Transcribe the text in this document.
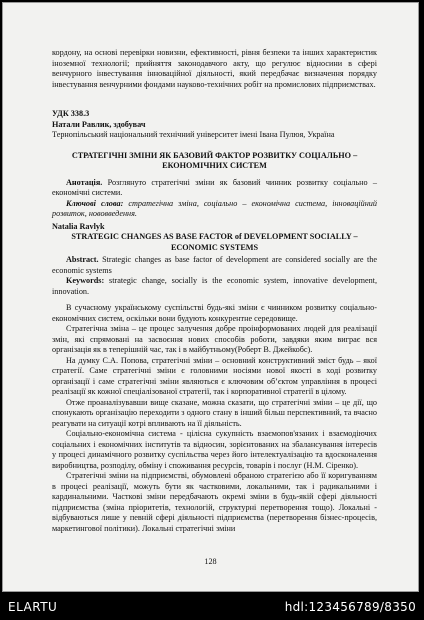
кордону, на основі перевірки новизни, ефективності, рівня безпеки та інших характеристик іноземної технології; прийняття законодавчого акту, що регулює відносини в сфері венчурного інвестування інноваційної діяльності, який передбачає визначення порядку інвестування венчурними фондами науково-технічних робіт на промислових підприємствах.

УДК 338.3

Натали Равлик, здобувач

Тернопільський національний технічний університет імені Івана Пулюя, Україна

СТРАТЕГІЧНІ ЗМІНИ ЯК БАЗОВИЙ ФАКТОР РОЗВИТКУ СОЦІАЛЬНО – ЕКОНОМІЧНИХ СИСТЕМ

Анотація. Розглянуто стратегічні зміни як базовий чинник розвитку соціально – економічні системи.

Ключові слова: стратегічна зміна, соціально – економічна система, інноваційний розвиток, нововведення.

Natalia Ravlyk

STRATEGIC CHANGES AS BASE FACTOR of DEVELOPMENT SOCIALLY – ECONOMIC SYSTEMS

Abstract. Strategic changes as base factor of development are considered socially are the economic systems

Keywords: strategic change, socially is the economic system, innovative development, innovation.

В сучасному українському суспільстві будь-які зміни є чинником розвитку соціально-економічних систем, оскільки вони будують конкурентне середовище.

Стратегічна зміна – це процес залучення добре проінформованих людей для реалізації змін, які спрямовані на засвоєння нових способів роботи, завдяки яким виграє вся організація як в теперішній час, так і в майбутньому(Роберт В. Джейкобс).

На думку С.А. Попова, стратегічні зміни – основний конструктивний зміст будь – якої стратегії. Саме стратегічні зміни є головними носіями нової якості в ході розвитку організації і саме стратегічні зміни являються є ключовим об’єктом управління в процесі реалізації як кожної спеціалізованої стратегії, так і корпоративної стратегії в цілому.

Отже проаналізувавши вище сказане, можна сказати, що стратегічні зміни – це дії, що спонукають організацію переходити з одного стану в інший більш перспективний, та вчасно реагувати на ситуації котрі впливають на її діяльність.

Соціально-економічна система - цілісна сукупність взаємопов'язаних і взаємодіючих соціальних і економічних інститутів та відносин, зорієнтованих на збалансування інтересів у процесі динамічного розвитку суспільства через його інтелектуалізацію та вдосконалення виробництва, розподілу, обміну і споживання ресурсів, товарів і послуг (Н.М. Сіренко).

Стратегічні зміни на підприємстві, обумовлені обраною стратегією або її коригуванням в процесі реалізації, можуть бути як частковими, локальними, так і радикальними і кардинальними. Часткові зміни передбачають окремі зміни в будь-якій сфері діяльності підприємства (зміна пріоритетів, технологій, структурні перетворення тощо). Локальні - відбуваються лише у певній сфері діяльності підприємства (перетворення бізнес-процесів, маркетингової політики). Локальні стратегічні зміни

128
ELARTU	hdl:123456789/8350
